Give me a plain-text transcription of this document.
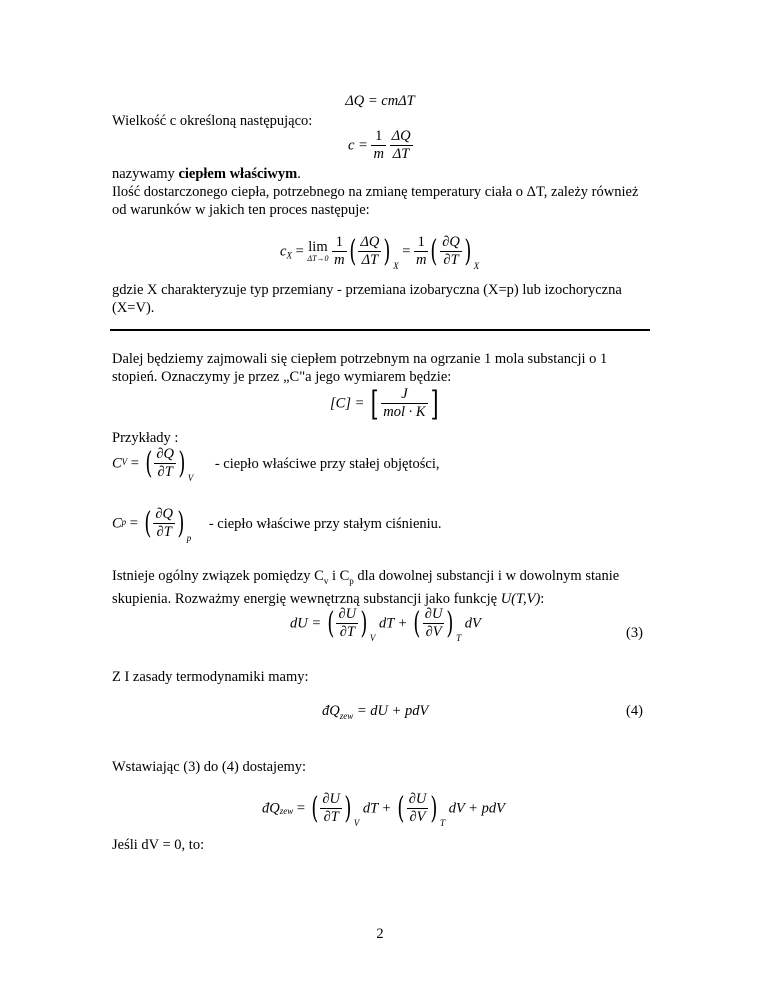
ΔQ = cmΔT
Wielkość c określoną następująco:
$c = \frac{1}{m}$
$\frac{\Delta Q}{\Delta T}$
nazywamy ciepłem właściwym.
Ilość dostarczonego ciepła, potrzebnego na zmianę temperatury ciała o ΔT, zależy również od warunków w jakich ten proces następuje:
$c_X = \lim$
ΔT→0
$\frac{1}{m}$ ( $\frac{\Delta Q}{\Delta T}$ ) $_X = \frac{1}{m}$ ( $\frac{\partial Q}{\partial T}$ ) $_X$
gdzie X charakteryzuje typ przemiany - przemiana izobaryczna (X=p) lub izochoryczna (X=V).
Dalej będziemy zajmowali się ciepłem potrzebnym na ogrzanie 1 mola substancji o 1 stopień. Oznaczymy je przez „C"a jego wymiarem będzie:
[C] = [ $\frac{J}{\text{mol · K}}$ ]
Przykłady :
$C_V$ = ( $\frac{\partial Q}{\partial T}$ ) $_V$ - ciepło właściwe przy stałej objętości,
$C_p$ = ( $\frac{\partial Q}{\partial T}$ ) $_p$ - ciepło właściwe przy stałym ciśnieniu.
Istnieje ogólny związek pomiędzy $C_v$ i $C_p$ dla dowolnej substancji i w dowolnym stanie skupienia. Rozważmy energię wewnętrzną substancji jako funkcję U(T,V):
dU = ( $\frac{\partial U}{\partial T}$ ) $_V$ dT + ( $\frac{\partial U}{\partial V}$ ) $_T$ dV
(3)
Z I zasady termodynamiki mamy:
$đQ_{zew}$ = dU + pdV	(4)
Wstawiając (3) do (4) dostajemy:
$đQ_{zew}$ = ( $\frac{\partial U}{\partial T}$ ) $_V$ dT + ( $\frac{\partial U}{\partial V}$ ) $_T$ dV + pdV
Jeśli dV = 0, to:
2
